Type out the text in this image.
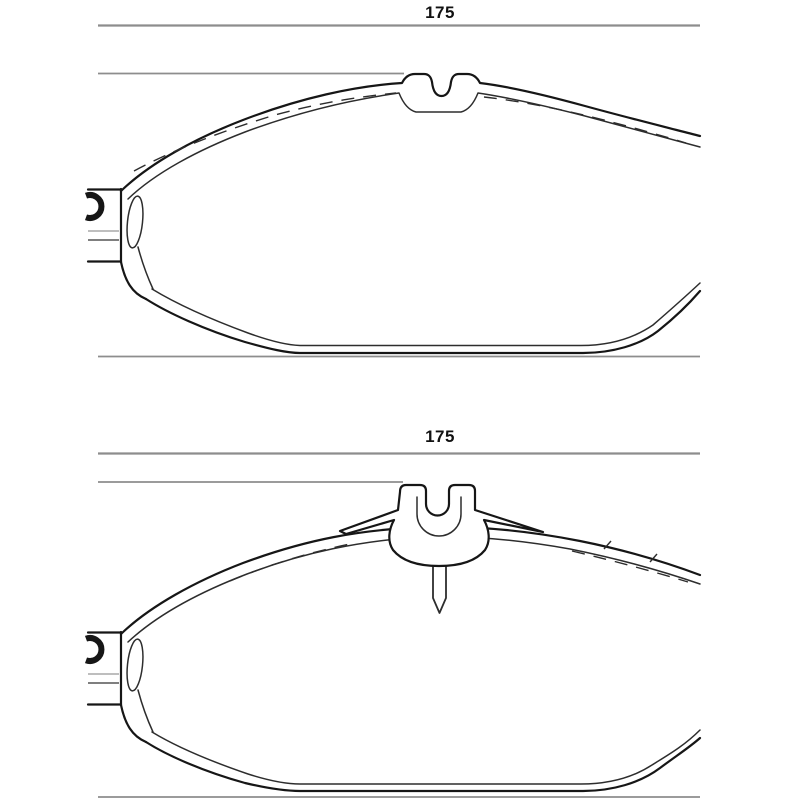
175
175
